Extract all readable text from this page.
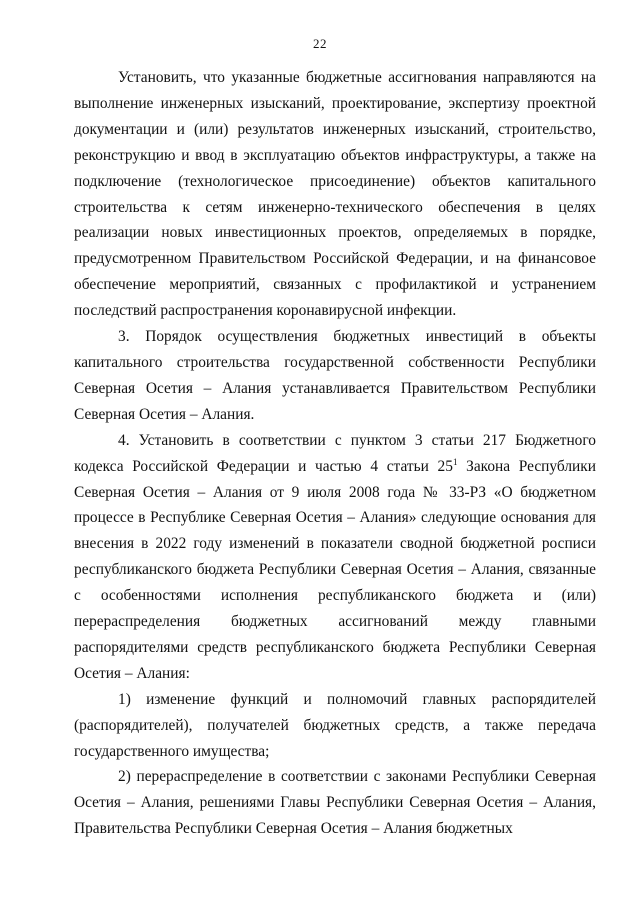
22

Установить, что указанные бюджетные ассигнования направляются на выполнение инженерных изысканий, проектирование, экспертизу проектной документации и (или) результатов инженерных изысканий, строительство, реконструкцию и ввод в эксплуатацию объектов инфраструктуры, а также на подключение (технологическое присоединение) объектов капитального строительства к сетям инженерно-технического обеспечения в целях реализации новых инвестиционных проектов, определяемых в порядке, предусмотренном Правительством Российской Федерации, и на финансовое обеспечение мероприятий, связанных с профилактикой и устранением последствий распространения коронавирусной инфекции.

3. Порядок осуществления бюджетных инвестиций в объекты капитального строительства государственной собственности Республики Северная Осетия – Алания устанавливается Правительством Республики Северная Осетия – Алания.

4. Установить в соответствии с пунктом 3 статьи 217 Бюджетного кодекса Российской Федерации и частью 4 статьи $25^1$ Закона Республики Северная Осетия – Алания от 9 июля 2008 года № 33-РЗ «О бюджетном процессе в Республике Северная Осетия – Алания» следующие основания для внесения в 2022 году изменений в показатели сводной бюджетной росписи республиканского бюджета Республики Северная Осетия – Алания, связанные с особенностями исполнения республиканского бюджета и (или) перераспределения бюджетных ассигнований между главными распорядителями средств республиканского бюджета Республики Северная Осетия – Алания:

1) изменение функций и полномочий главных распорядителей (распорядителей), получателей бюджетных средств, а также передача государственного имущества;

2) перераспределение в соответствии с законами Республики Северная Осетия – Алания, решениями Главы Республики Северная Осетия – Алания, Правительства Республики Северная Осетия – Алания бюджетных
